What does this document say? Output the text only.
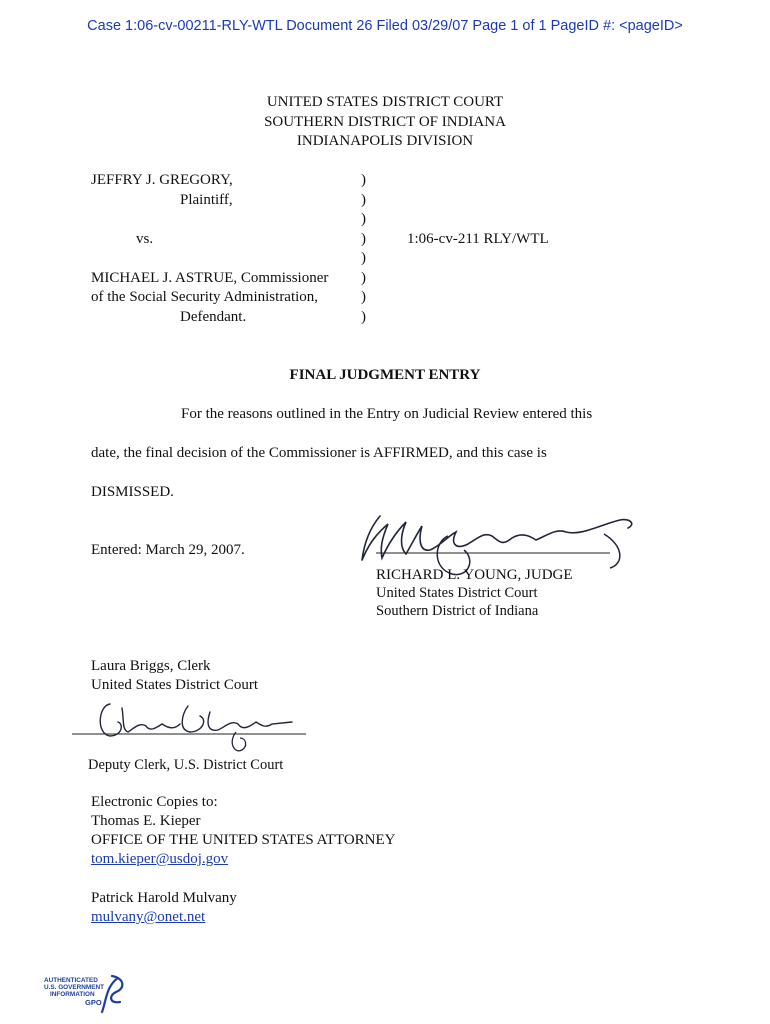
Case 1:06-cv-00211-RLY-WTL Document 26 Filed 03/29/07 Page 1 of 1 PageID #: <pageID>
UNITED STATES DISTRICT COURT
SOUTHERN DISTRICT OF INDIANA
INDIANAPOLIS DIVISION
JEFFRY J. GREGORY,
Plaintiff,
vs.
MICHAEL J. ASTRUE, Commissioner
of the Social Security Administration,
Defendant.
1:06-cv-211 RLY/WTL
)
)
)
)
)
)
)
)
FINAL JUDGMENT ENTRY
For the reasons outlined in the Entry on Judicial Review entered this
date, the final decision of the Commissioner is AFFIRMED, and this case is
DISMISSED.
Entered: March 29, 2007.
RICHARD L. YOUNG, JUDGE
United States District Court
Southern District of Indiana
Laura Briggs, Clerk
United States District Court
Deputy Clerk, U.S. District Court
Electronic Copies to:
Thomas E. Kieper
OFFICE OF THE UNITED STATES ATTORNEY
tom.kieper@usdoj.gov
Patrick Harold Mulvany
mulvany@onet.net
AUTHENTICATED
U.S. GOVERNMENT
INFORMATION
GPO
